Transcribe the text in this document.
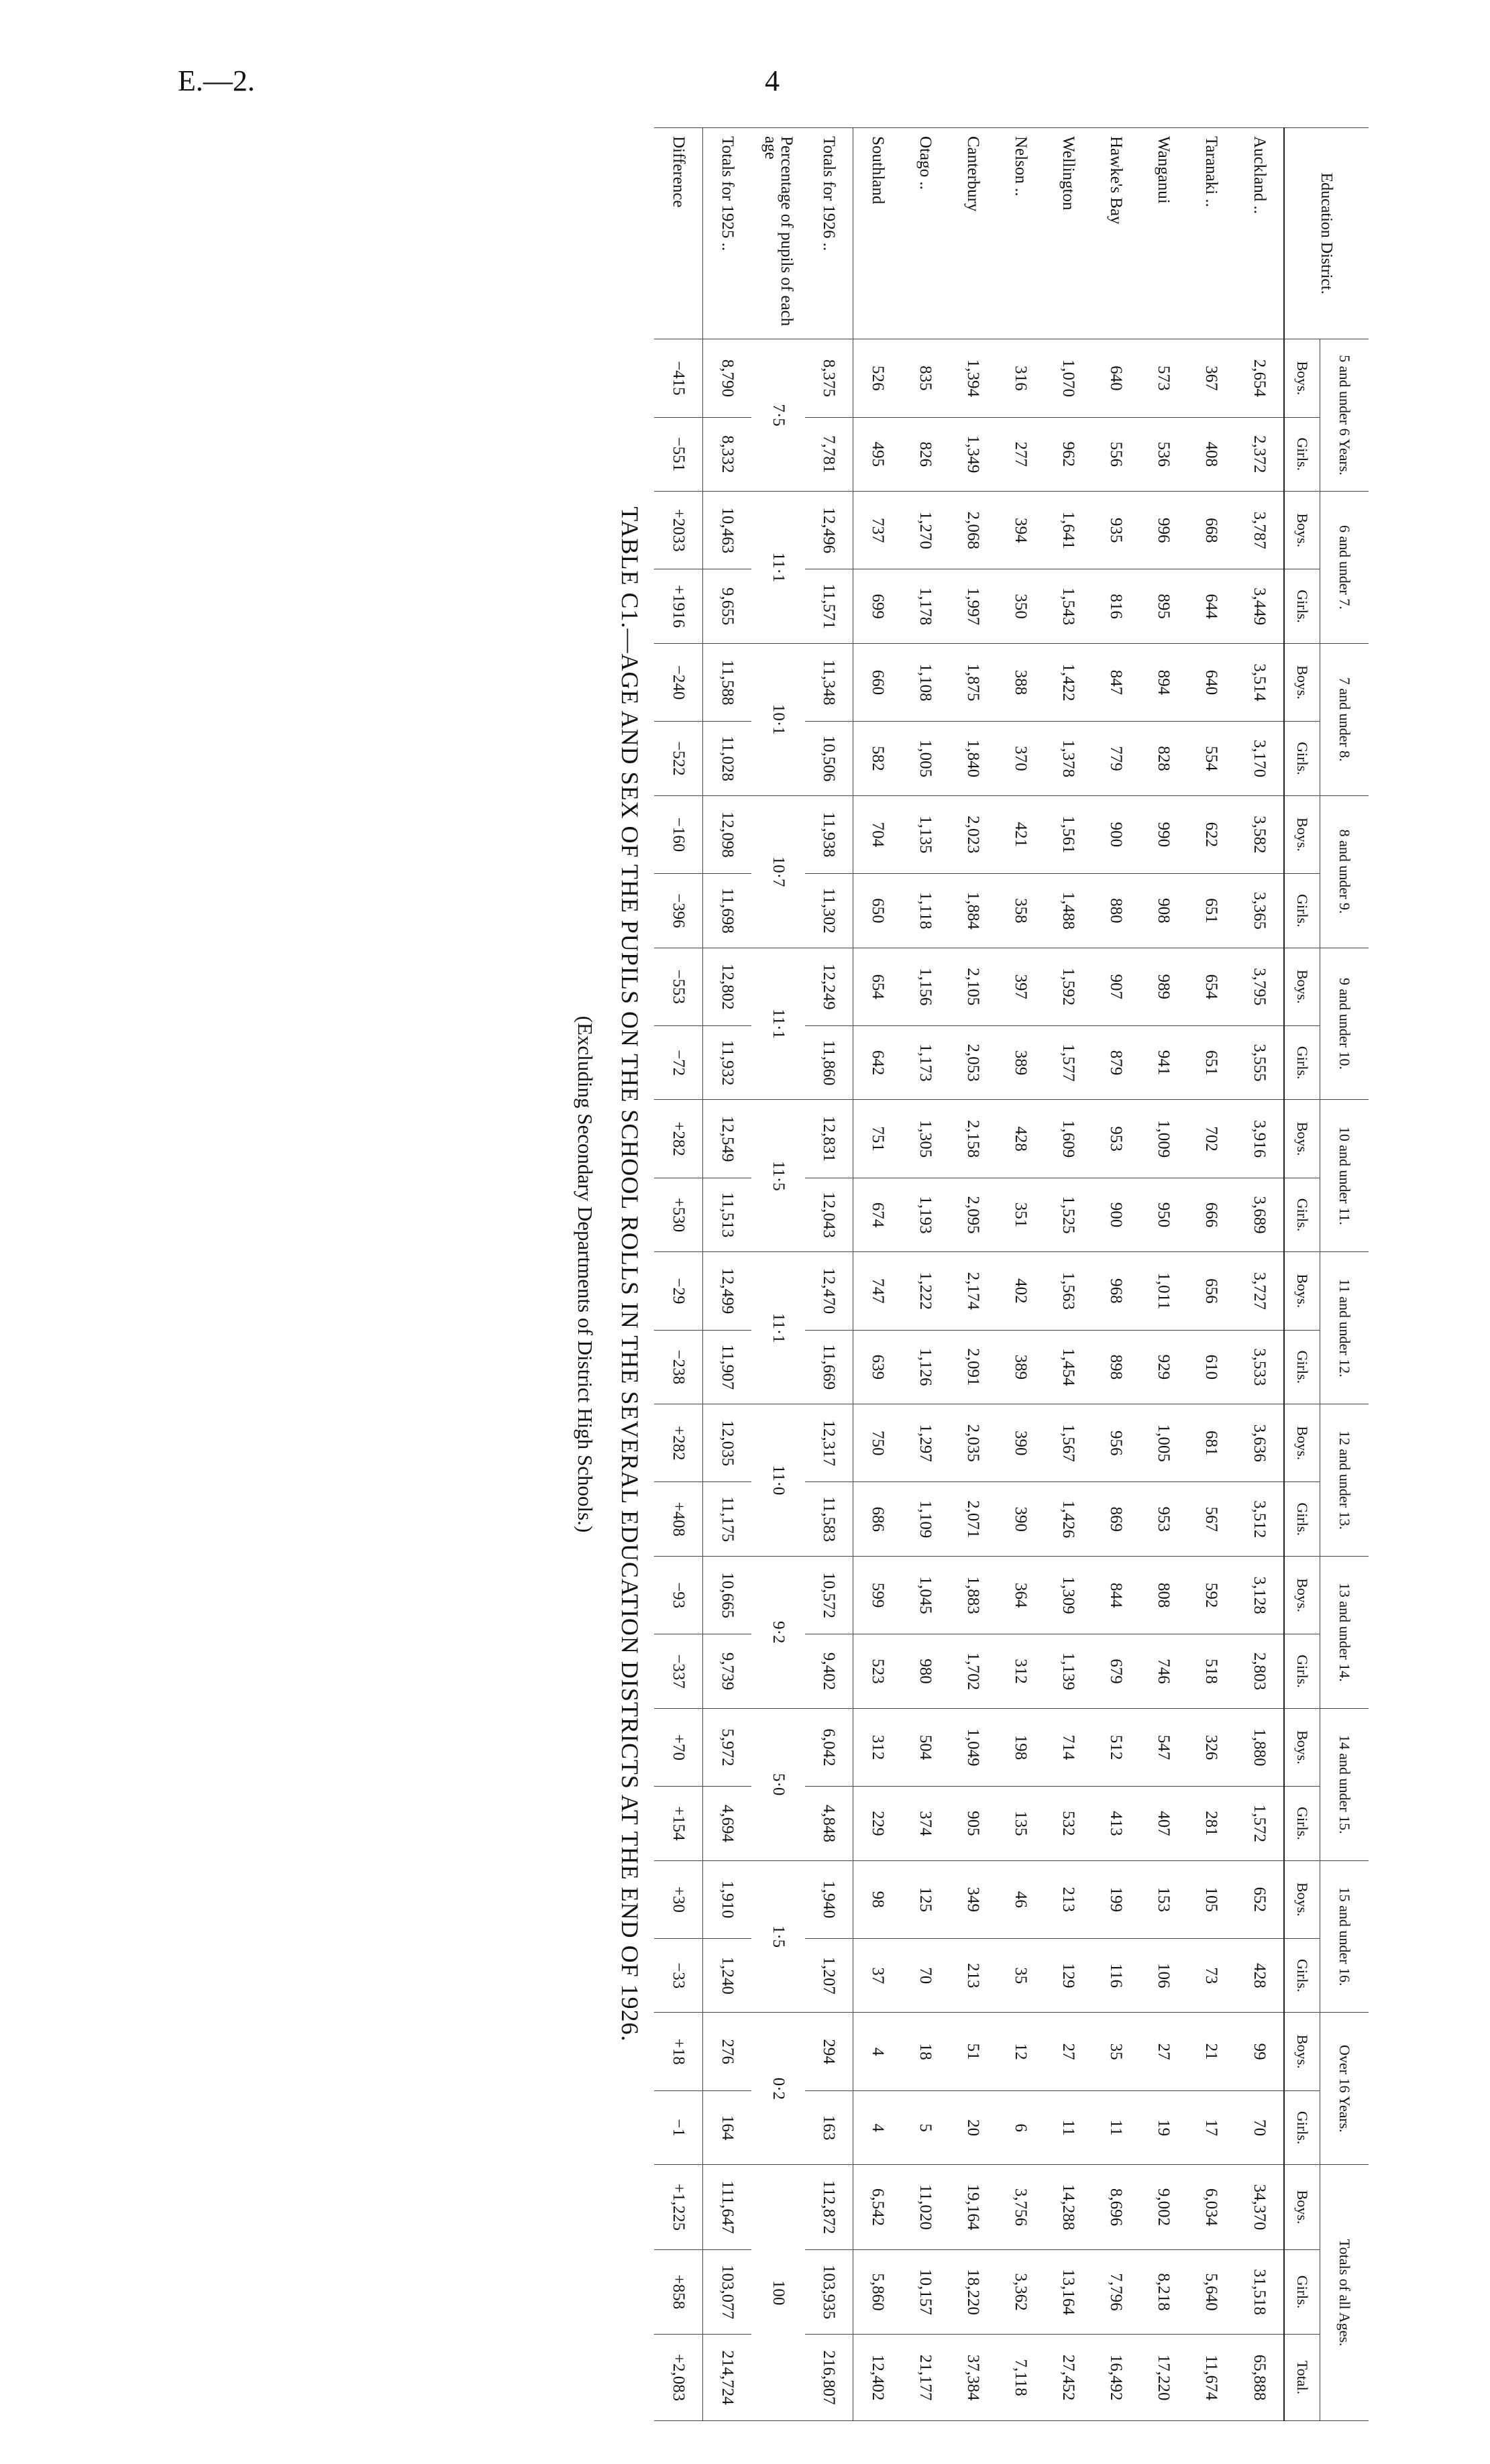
E.—2.	4
TABLE C1.—AGE AND SEX OF THE PUPILS ON THE SCHOOL ROLLS IN THE SEVERAL EDUCATION DISTRICTS AT THE END OF 1926.
(Excluding Secondary Departments of District High Schools.)
Education District.	5 and under 6 Years.		6 and under 7.		7 and under 8.		8 and under 9.		9 and under 10.		10 and under 11.		11 and under 12.		12 and under 13.		13 and under 14.		14 and under 15.		15 and under 16.		Over 16 Years.		Totals of all Ages.		
	Boys.	Girls.	Boys.	Girls.	Boys.	Girls.	Boys.	Girls.	Boys.	Girls.	Boys.	Girls.	Boys.	Girls.	Boys.	Girls.	Boys.	Girls.	Boys.	Girls.	Boys.	Girls.	Boys.	Girls.	Boys.	Girls.	Total.
Auckland ..	2,654	2,372	3,787	3,449	3,514	3,170	3,582	3,365	3,795	3,555	3,916	3,689	3,727	3,533	3,636	3,512	3,128	2,803	1,880	1,572	652	428	99	70	34,370	31,518	65,888
Taranaki ..	367	408	668	644	640	554	622	651	654	651	702	666	656	610	681	567	592	518	326	281	105	73	21	17	6,034	5,640	11,674
Wanganui	573	536	996	895	894	828	990	908	989	941	1,009	950	1,011	929	1,005	953	808	746	547	407	153	106	27	19	9,002	8,218	17,220
Hawke's Bay	640	556	935	816	847	779	900	880	907	879	953	900	968	898	956	869	844	679	512	413	199	116	35	11	8,696	7,796	16,492
Wellington	1,070	962	1,641	1,543	1,422	1,378	1,561	1,488	1,592	1,577	1,609	1,525	1,563	1,454	1,567	1,426	1,309	1,139	714	532	213	129	27	11	14,288	13,164	27,452
Nelson ..	316	277	394	350	388	370	421	358	397	389	428	351	402	389	390	390	364	312	198	135	46	35	12	6	3,756	3,362	7,118
Canterbury	1,394	1,349	2,068	1,997	1,875	1,840	2,023	1,884	2,105	2,053	2,158	2,095	2,174	2,091	2,035	2,071	1,883	1,702	1,049	905	349	213	51	20	19,164	18,220	37,384
Otago ..	835	826	1,270	1,178	1,108	1,005	1,135	1,118	1,156	1,173	1,305	1,193	1,222	1,126	1,297	1,109	1,045	980	504	374	125	70	18	5	11,020	10,157	21,177
Southland	526	495	737	699	660	582	704	650	654	642	751	674	747	639	750	686	599	523	312	229	98	37	4	4	6,542	5,860	12,402
Totals for 1926 ..	8,375	7,781	12,496	11,571	11,348	10,506	11,938	11,302	12,249	11,860	12,831	12,043	12,470	11,669	12,317	11,583	10,572	9,402	6,042	4,848	1,940	1,207	294	163	112,872	103,935	216,807
Percentage of pupils of each age	7·5		11·1		10·1		10·7		11·1		11·5		11·1		11·0		9·2		5·0		1·5		0·2		100		
Totals for 1925 ..	8,790	8,332	10,463	9,655	11,588	11,028	12,098	11,698	12,802	11,932	12,549	11,513	12,499	11,907	12,035	11,175	10,665	9,739	5,972	4,694	1,910	1,240	276	164	111,647	103,077	214,724
Difference	−415	−551	+2033	+1916	−240	−522	−160	−396	−553	−72	+282	+530	−29	−238	+282	+408	−93	−337	+70	+154	+30	−33	+18	−1	+1,225	+858	+2,083
